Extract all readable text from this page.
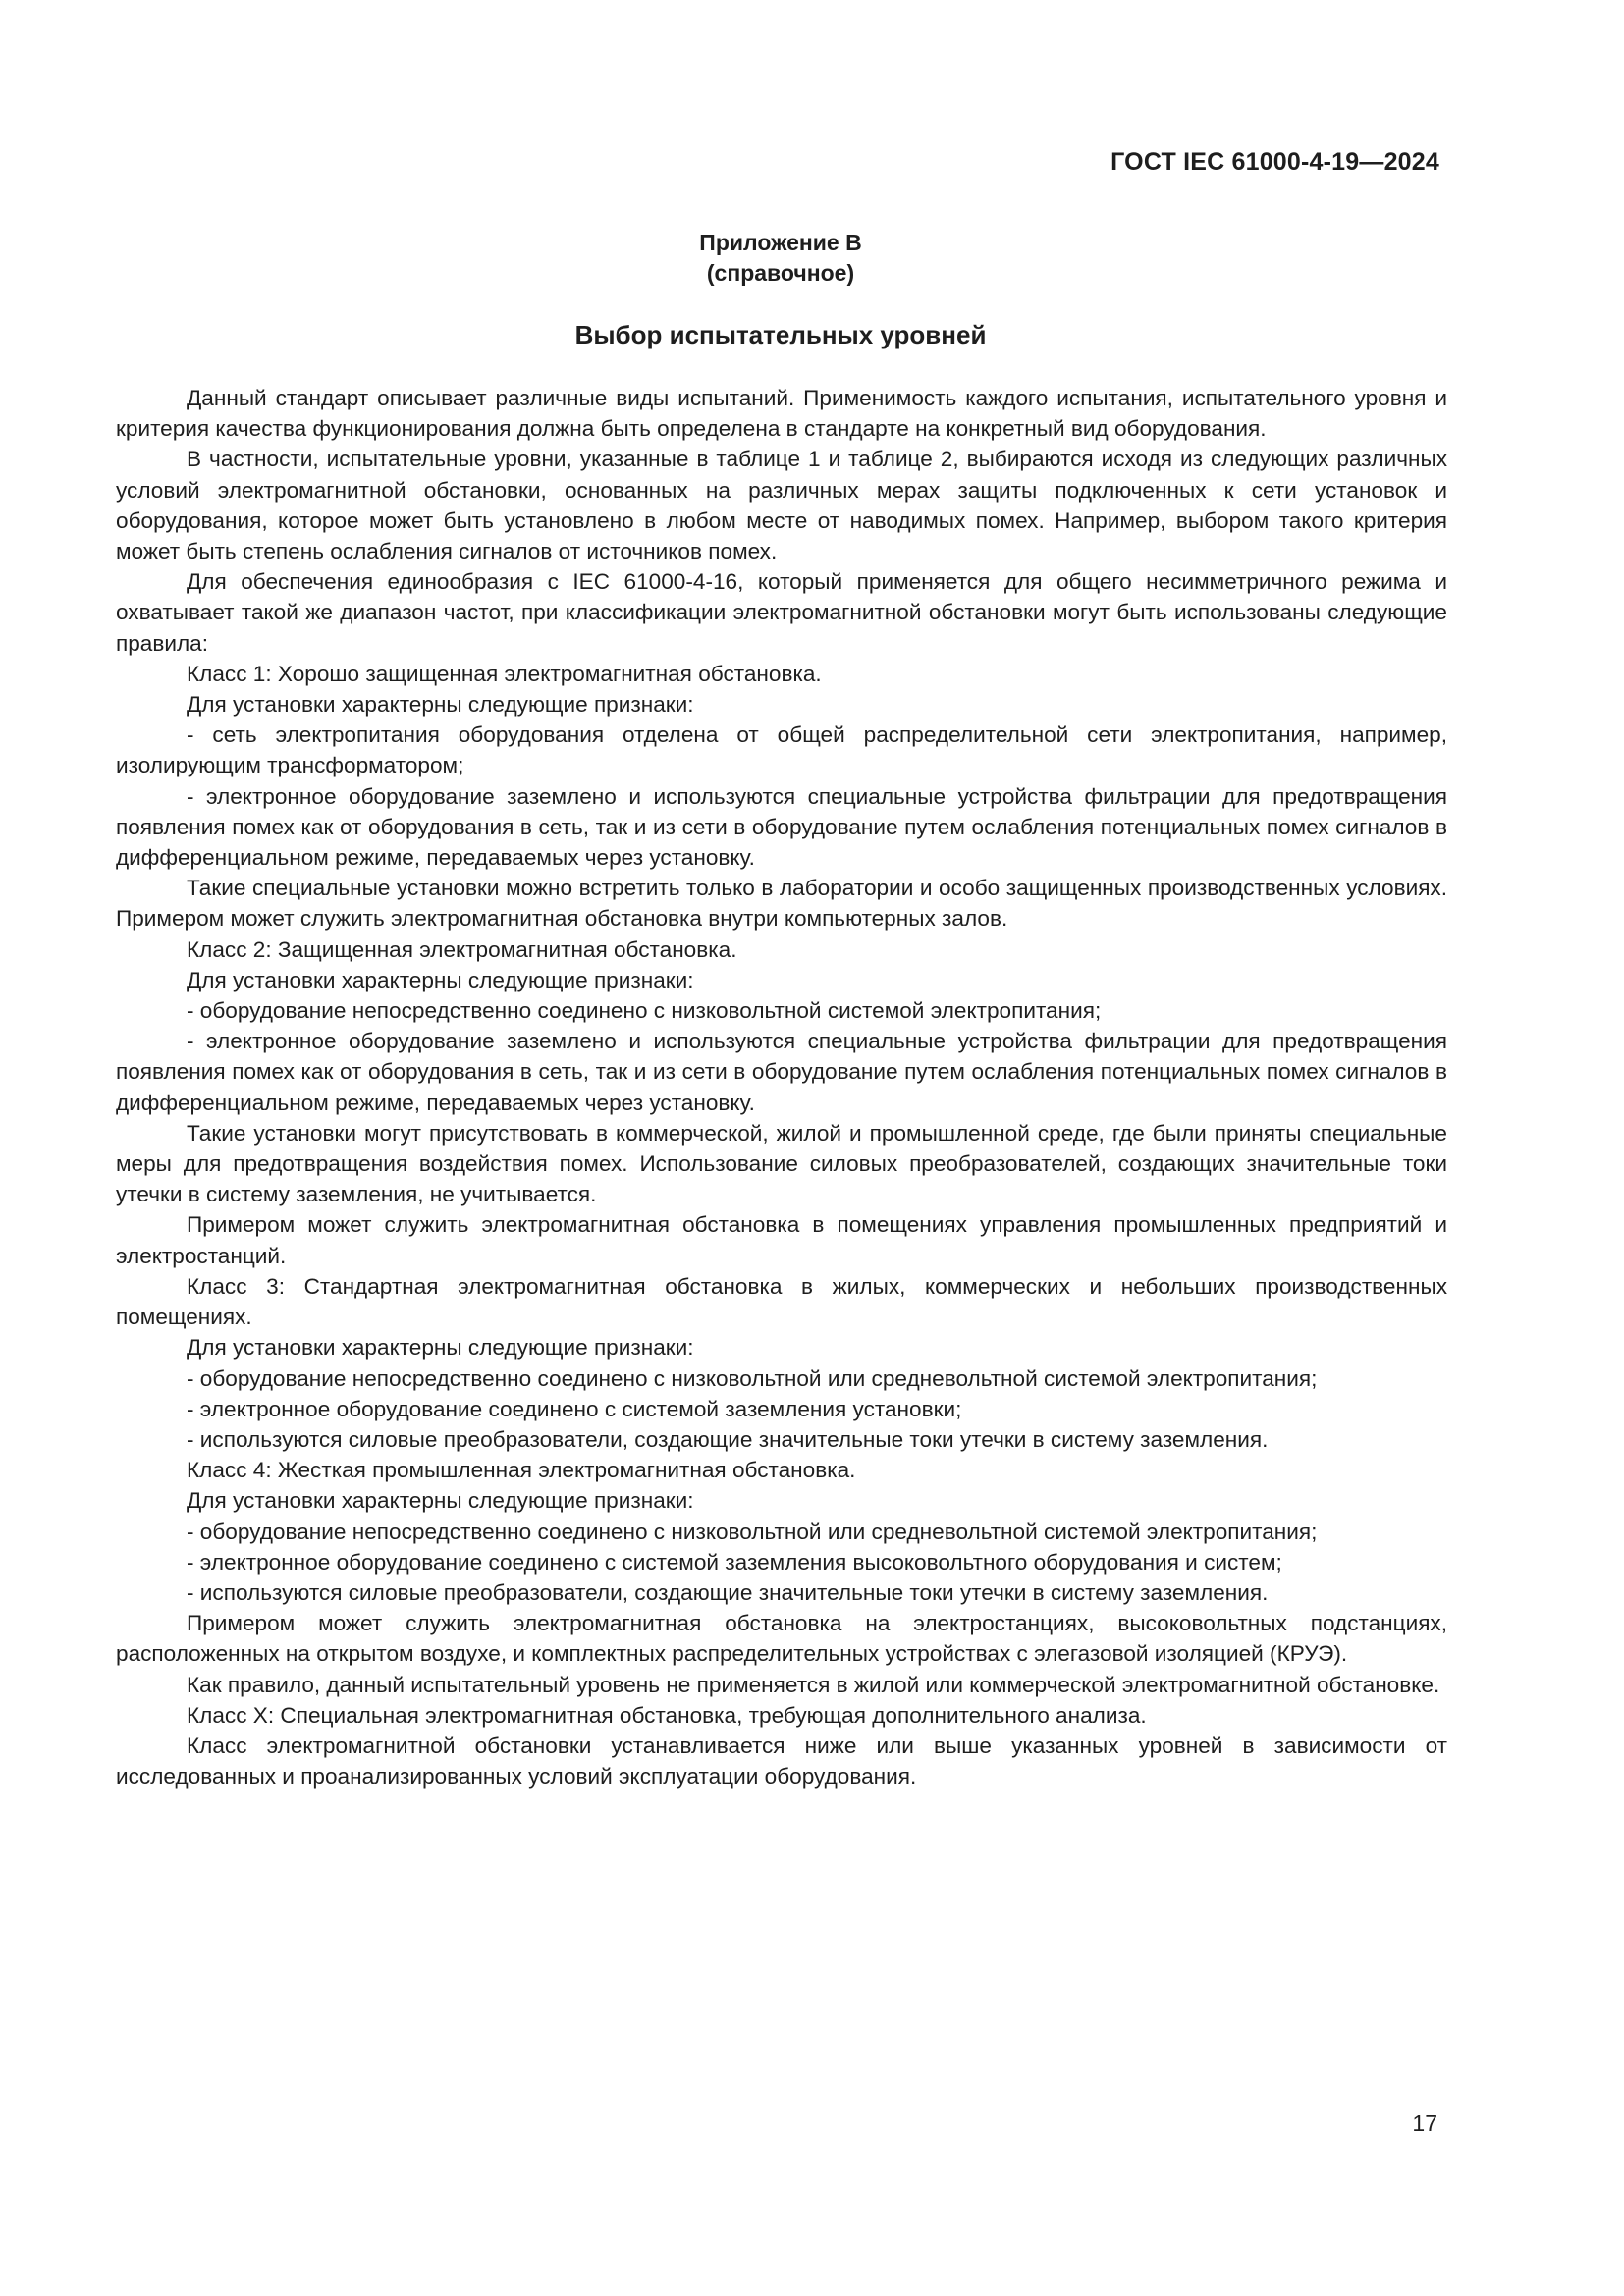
ГОСТ IEC 61000-4-19—2024
Приложение B
(справочное)
Выбор испытательных уровней

Данный стандарт описывает различные виды испытаний. Применимость каждого испытания, испытательного уровня и критерия качества функционирования должна быть определена в стандарте на конкретный вид оборудования.

В частности, испытательные уровни, указанные в таблице 1 и таблице 2, выбираются исходя из следующих различных условий электромагнитной обстановки, основанных на различных мерах защиты подключенных к сети установок и оборудования, которое может быть установлено в любом месте от наводимых помех. Например, выбором такого критерия может быть степень ослабления сигналов от источников помех.

Для обеспечения единообразия с IEC 61000-4-16, который применяется для общего несимметричного режима и охватывает такой же диапазон частот, при классификации электромагнитной обстановки могут быть использованы следующие правила:

Класс 1: Хорошо защищенная электромагнитная обстановка.

Для установки характерны следующие признаки:

- сеть электропитания оборудования отделена от общей распределительной сети электропитания, например, изолирующим трансформатором;

- электронное оборудование заземлено и используются специальные устройства фильтрации для предотвращения появления помех как от оборудования в сеть, так и из сети в оборудование путем ослабления потенциальных помех сигналов в дифференциальном режиме, передаваемых через установку.

Такие специальные установки можно встретить только в лаборатории и особо защищенных производственных условиях. Примером может служить электромагнитная обстановка внутри компьютерных залов.

Класс 2: Защищенная электромагнитная обстановка.

Для установки характерны следующие признаки:

- оборудование непосредственно соединено с низковольтной системой электропитания;

- электронное оборудование заземлено и используются специальные устройства фильтрации для предотвращения появления помех как от оборудования в сеть, так и из сети в оборудование путем ослабления потенциальных помех сигналов в дифференциальном режиме, передаваемых через установку.

Такие установки могут присутствовать в коммерческой, жилой и промышленной среде, где были приняты специальные меры для предотвращения воздействия помех. Использование силовых преобразователей, создающих значительные токи утечки в систему заземления, не учитывается.

Примером может служить электромагнитная обстановка в помещениях управления промышленных предприятий и электростанций.

Класс 3: Стандартная электромагнитная обстановка в жилых, коммерческих и небольших производственных помещениях.

Для установки характерны следующие признаки:

- оборудование непосредственно соединено с низковольтной или средневольтной системой электропитания;

- электронное оборудование соединено с системой заземления установки;

- используются силовые преобразователи, создающие значительные токи утечки в систему заземления.

Класс 4: Жесткая промышленная электромагнитная обстановка.

Для установки характерны следующие признаки:

- оборудование непосредственно соединено с низковольтной или средневольтной системой электропитания;

- электронное оборудование соединено с системой заземления высоковольтного оборудования и систем;

- используются силовые преобразователи, создающие значительные токи утечки в систему заземления.

Примером может служить электромагнитная обстановка на электростанциях, высоковольтных подстанциях, расположенных на открытом воздухе, и комплектных распределительных устройствах с элегазовой изоляцией (КРУЭ).

Как правило, данный испытательный уровень не применяется в жилой или коммерческой электромагнитной обстановке.

Класс X: Специальная электромагнитная обстановка, требующая дополнительного анализа.

Класс электромагнитной обстановки устанавливается ниже или выше указанных уровней в зависимости от исследованных и проанализированных условий эксплуатации оборудования.

17
